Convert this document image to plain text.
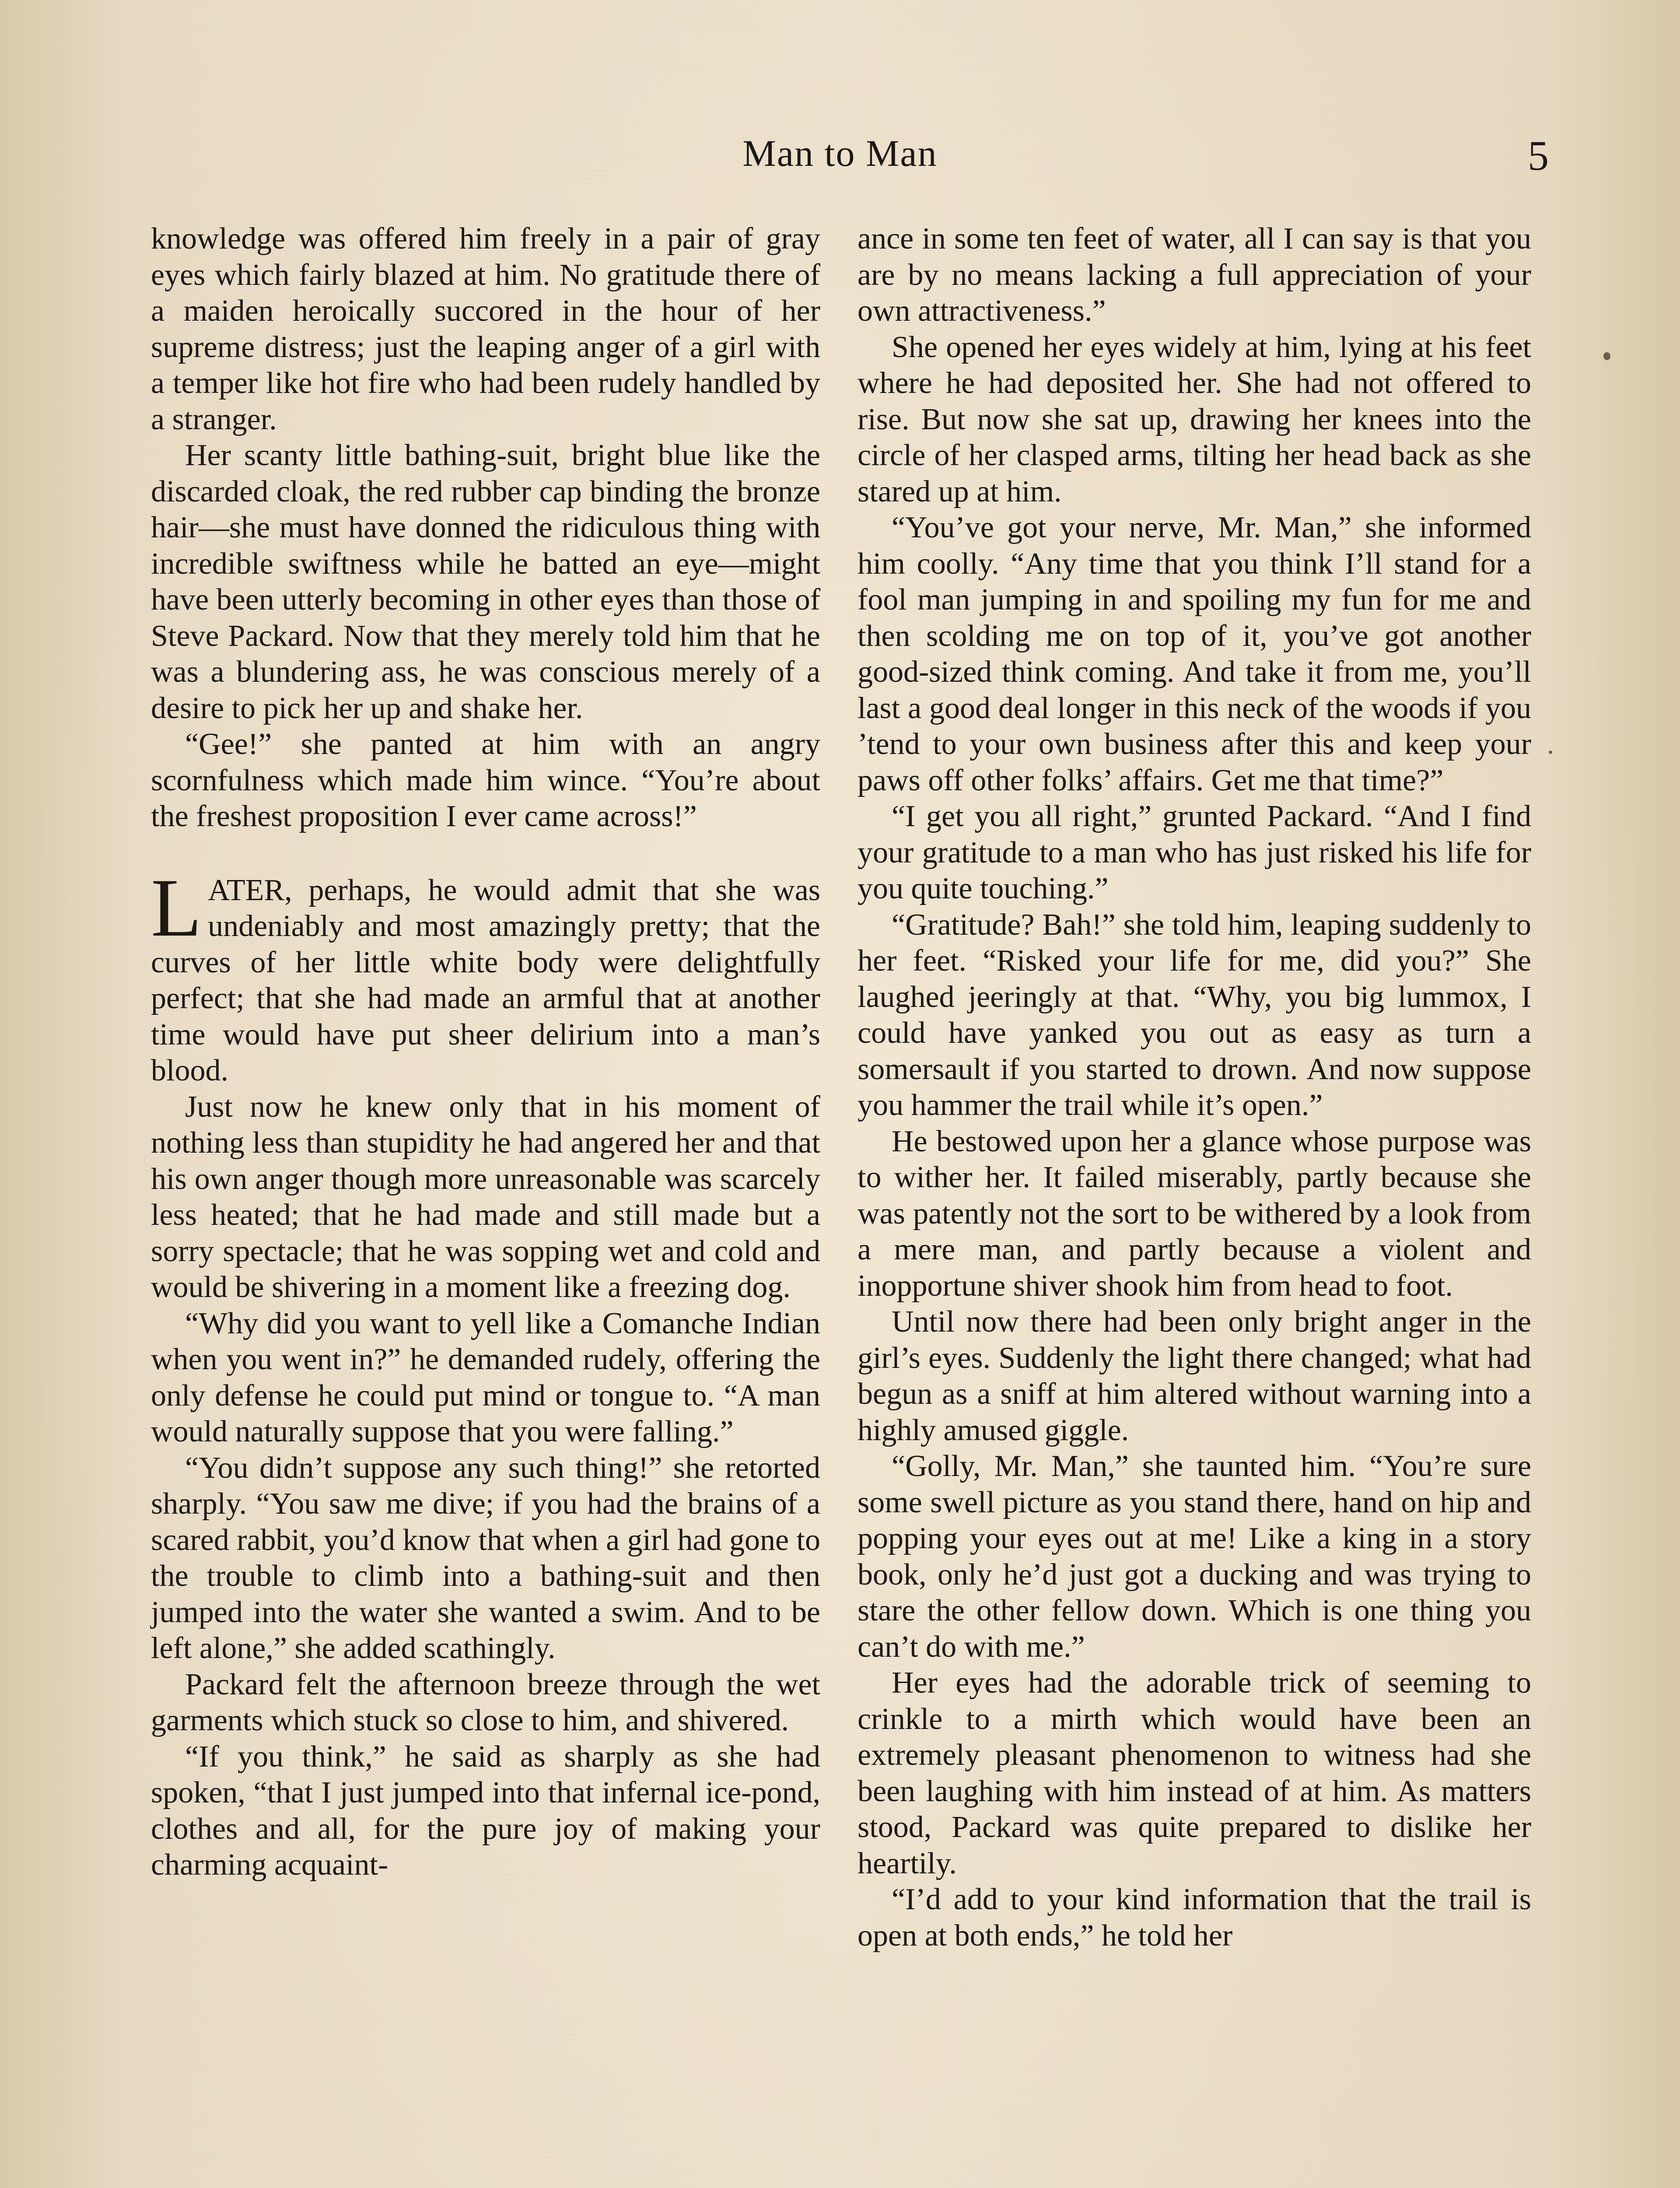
Man to Man	5

knowledge was offered him freely in a pair of gray eyes which fairly blazed at him. No gratitude there of a maiden heroically succored in the hour of her supreme distress; just the leaping anger of a girl with a temper like hot fire who had been rudely handled by a stranger.

Her scanty little bathing-suit, bright blue like the discarded cloak, the red rubber cap binding the bronze hair—she must have donned the ridiculous thing with incredible swiftness while he batted an eye—might have been utterly becoming in other eyes than those of Steve Packard. Now that they merely told him that he was a blundering ass, he was conscious merely of a desire to pick her up and shake her.

“Gee!” she panted at him with an angry scornfulness which made him wince. “You’re about the freshest proposition I ever came across!”

LATER, perhaps, he would admit that she was undeniably and most amazingly pretty; that the curves of her little white body were delightfully perfect; that she had made an armful that at another time would have put sheer delirium into a man’s blood.

Just now he knew only that in his moment of nothing less than stupidity he had angered her and that his own anger though more unreasonable was scarcely less heated; that he had made and still made but a sorry spectacle; that he was sopping wet and cold and would be shivering in a moment like a freezing dog.

“Why did you want to yell like a Comanche Indian when you went in?” he demanded rudely, offering the only defense he could put mind or tongue to. “A man would naturally suppose that you were falling.”

“You didn’t suppose any such thing!” she retorted sharply. “You saw me dive; if you had the brains of a scared rabbit, you’d know that when a girl had gone to the trouble to climb into a bathing-suit and then jumped into the water she wanted a swim. And to be left alone,” she added scathingly.

Packard felt the afternoon breeze through the wet garments which stuck so close to him, and shivered.

“If you think,” he said as sharply as she had spoken, “that I just jumped into that infernal ice-pond, clothes and all, for the pure joy of making your charming acquaint-

ance in some ten feet of water, all I can say is that you are by no means lacking a full appreciation of your own attractiveness.”

She opened her eyes widely at him, lying at his feet where he had deposited her. She had not offered to rise. But now she sat up, drawing her knees into the circle of her clasped arms, tilting her head back as she stared up at him.

“You’ve got your nerve, Mr. Man,” she informed him coolly. “Any time that you think I’ll stand for a fool man jumping in and spoiling my fun for me and then scolding me on top of it, you’ve got another good-sized think coming. And take it from me, you’ll last a good deal longer in this neck of the woods if you ’tend to your own business after this and keep your paws off other folks’ affairs. Get me that time?”

“I get you all right,” grunted Packard. “And I find your gratitude to a man who has just risked his life for you quite touching.”

“Gratitude? Bah!” she told him, leaping suddenly to her feet. “Risked your life for me, did you?” She laughed jeeringly at that. “Why, you big lummox, I could have yanked you out as easy as turn a somersault if you started to drown. And now suppose you hammer the trail while it’s open.”

He bestowed upon her a glance whose purpose was to wither her. It failed miserably, partly because she was patently not the sort to be withered by a look from a mere man, and partly because a violent and inopportune shiver shook him from head to foot.

Until now there had been only bright anger in the girl’s eyes. Suddenly the light there changed; what had begun as a sniff at him altered without warning into a highly amused giggle.

“Golly, Mr. Man,” she taunted him. “You’re sure some swell picture as you stand there, hand on hip and popping your eyes out at me! Like a king in a story book, only he’d just got a ducking and was trying to stare the other fellow down. Which is one thing you can’t do with me.”

Her eyes had the adorable trick of seeming to crinkle to a mirth which would have been an extremely pleasant phenomenon to witness had she been laughing with him instead of at him. As matters stood, Packard was quite prepared to dislike her heartily.

“I’d add to your kind information that the trail is open at both ends,” he told her
